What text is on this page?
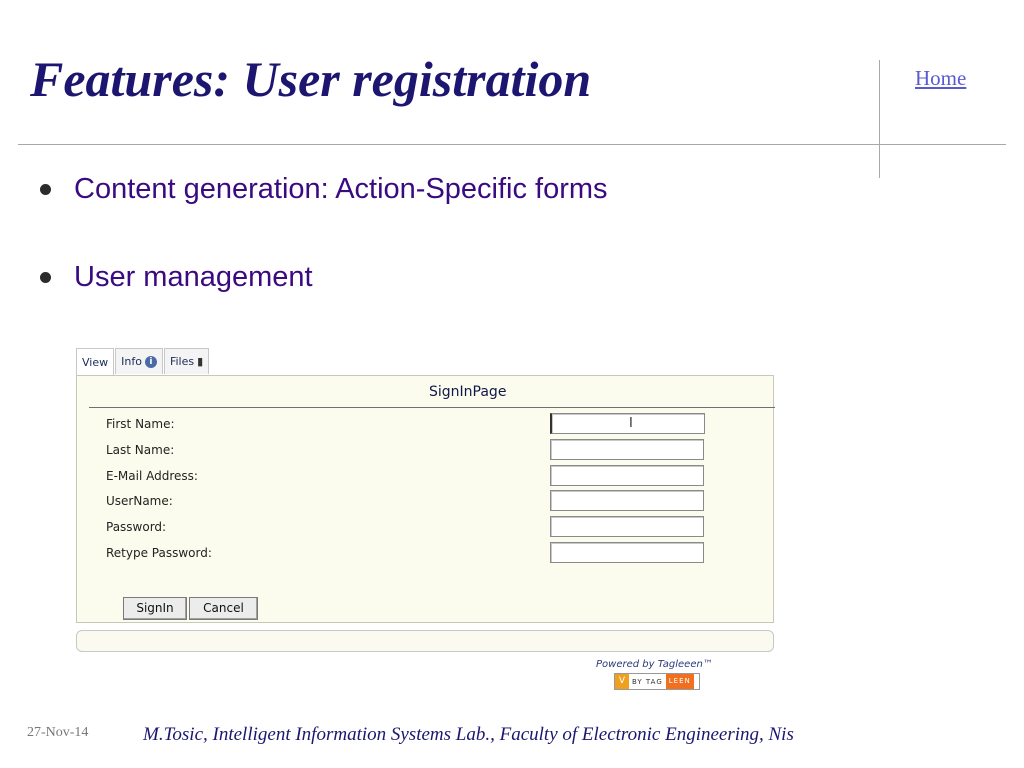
Features: User registration	Home
Content generation: Action-Specific forms
User management
View Info i	Files ▮
SignInPage
First Name:	I
Last Name:
E-Mail Address:
UserName:
Password:
Retype Password:
SignIn	Cancel
Powered by Tagleeen™
V BY TAG LEEN
27-Nov-14	M.Tosic, Intelligent Information Systems Lab., Faculty of Electronic Engineering, Nis
